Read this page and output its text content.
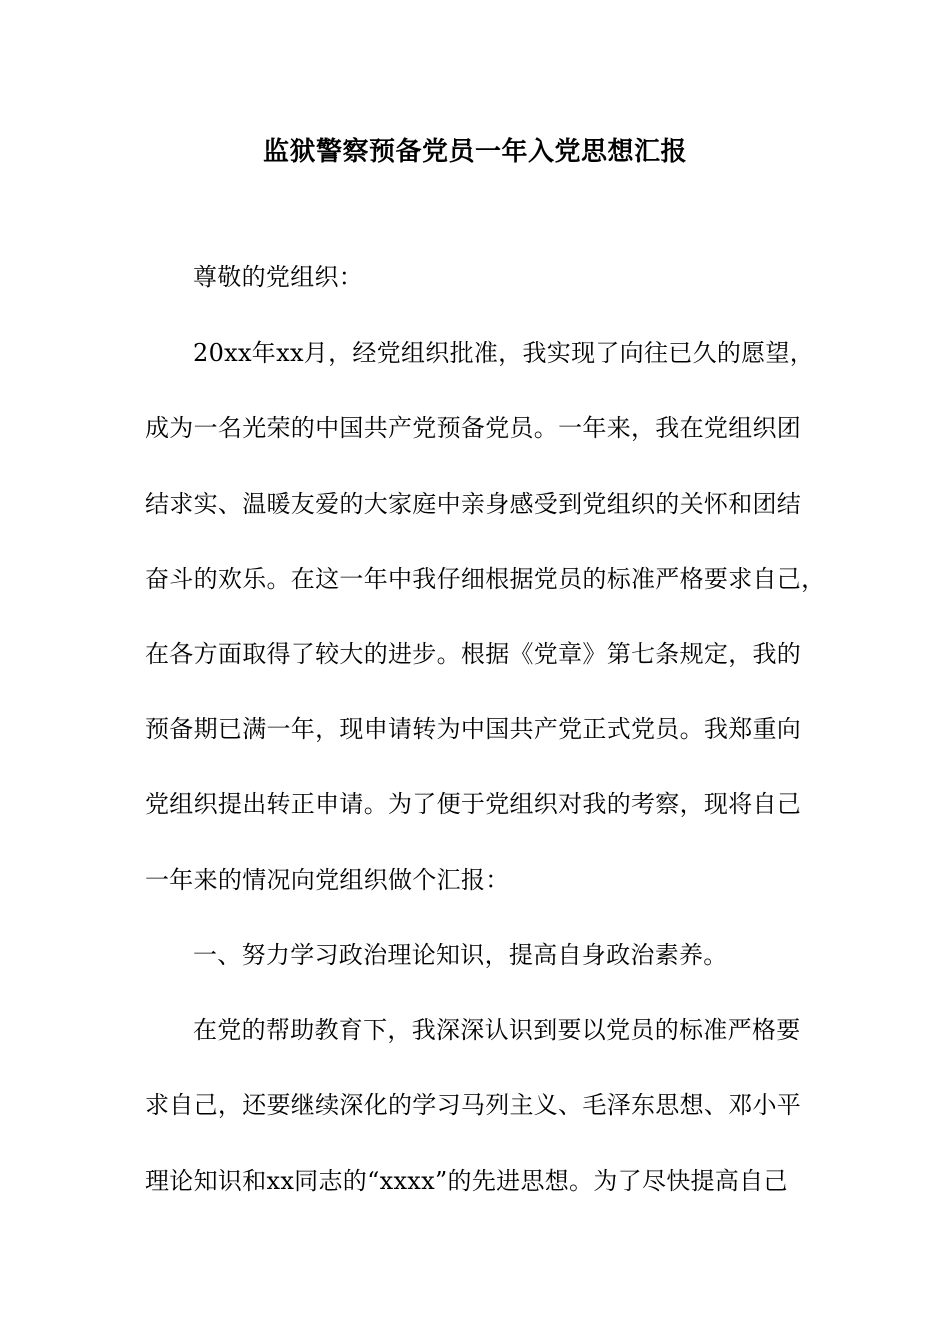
监狱警察预备党员一年入党思想汇报
尊敬的党组织：
20xx年xx月，经党组织批准，我实现了向往已久的愿望，
成为一名光荣的中国共产党预备党员。一年来，我在党组织团
结求实、温暖友爱的大家庭中亲身感受到党组织的关怀和团结
奋斗的欢乐。在这一年中我仔细根据党员的标准严格要求自己，
在各方面取得了较大的进步。根据《党章》第七条规定，我的
预备期已满一年，现申请转为中国共产党正式党员。我郑重向
党组织提出转正申请。为了便于党组织对我的考察，现将自己
一年来的情况向党组织做个汇报：
一、努力学习政治理论知识，提高自身政治素养。
在党的帮助教育下，我深深认识到要以党员的标准严格要
求自己，还要继续深化的学习马列主义、毛泽东思想、邓小平
理论知识和xx同志的“xxxx”的先进思想。为了尽快提高自己
